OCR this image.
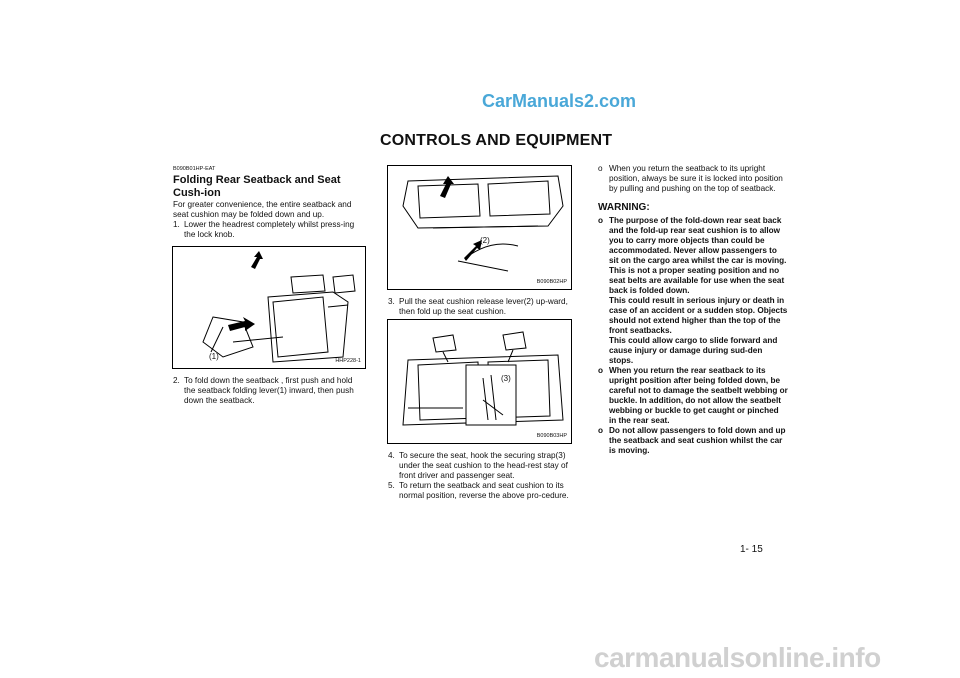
CarManuals2.com
CONTROLS AND EQUIPMENT
B090B01HP-EAT
Folding Rear Seatback and Seat Cush-ion

For greater convenience, the entire seatback and seat cushion may be folded down and up.

1. Lower the headrest completely whilst press-ing the lock knob.
(1)	HHP228-1
2. To fold down the seatback , first push and hold the seatback folding lever(1) inward, then push down the seatback.
(2)
B090B02HP
3. Pull the seat cushion release lever(2) up-ward, then fold up the seat cushion.
(3)
B090B03HP
4. To secure the seat, hook the securing strap(3) under the seat cushion to the head-rest stay of front driver and passenger seat.
5. To return the seatback and seat cushion to its normal position, reverse the above pro-cedure.
o When you return the seatback to its upright position, always be sure it is locked into position by pulling and pushing on the top of seatback.
WARNING:
o The purpose of the fold-down rear seat back and the fold-up rear seat cushion is to allow you to carry more objects than could be accommodated. Never allow passengers to sit on the cargo area whilst the car is moving. This is not a proper seating position and no seat belts are available for use when the seat back is folded down.
This could result in serious injury or death in case of an accident or a sudden stop. Objects should not extend higher than the top of the front seatbacks.
This could allow cargo to slide forward and cause injury or damage during sud-den stops.
o When you return the rear seatback to its upright position after being folded down, be careful not to damage the seatbelt webbing or buckle. In addition, do not allow the seatbelt webbing or buckle to get caught or pinched in the rear seat.
o Do not allow passengers to fold down and up the seatback and seat cushion whilst the car is moving.
1- 15
carmanualsonline.info
